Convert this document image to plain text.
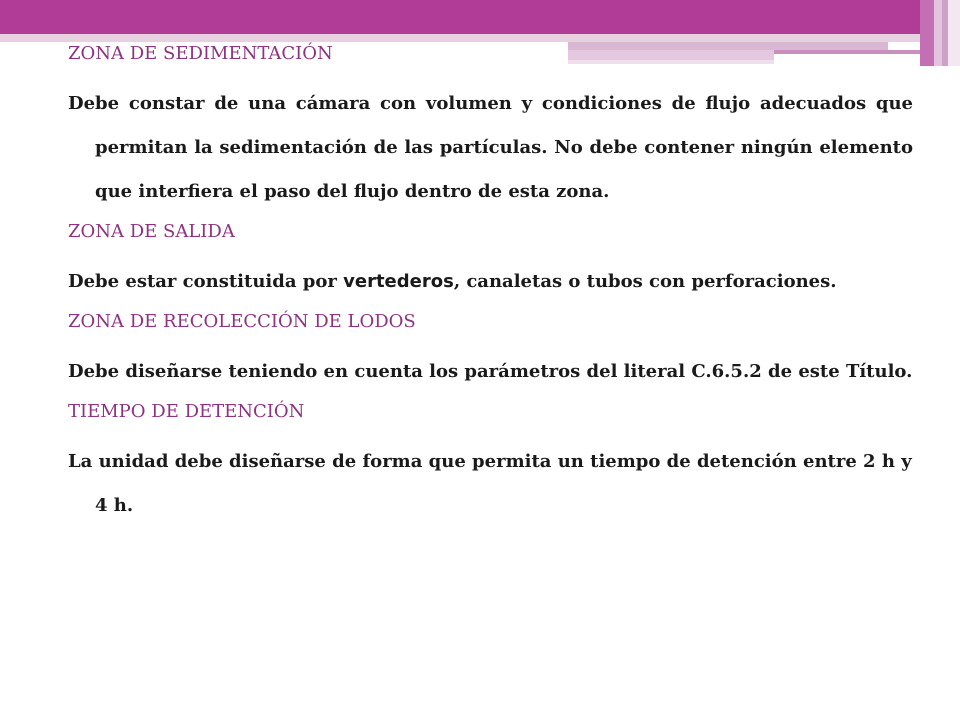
ZONA DE SEDIMENTACIÓN
Debe constar de una cámara con volumen y condiciones de flujo adecuados que permitan la sedimentación de las partículas. No debe contener ningún elemento que interfiera el paso del flujo dentro de esta zona.
ZONA DE SALIDA
Debe estar constituida por vertederos, canaletas o tubos con perforaciones.
ZONA DE RECOLECCIÓN DE LODOS
Debe diseñarse teniendo en cuenta los parámetros del literal C.6.5.2 de este Título.
TIEMPO DE DETENCIÓN
La unidad debe diseñarse de forma que permita un tiempo de detención entre 2 h y 4 h.
